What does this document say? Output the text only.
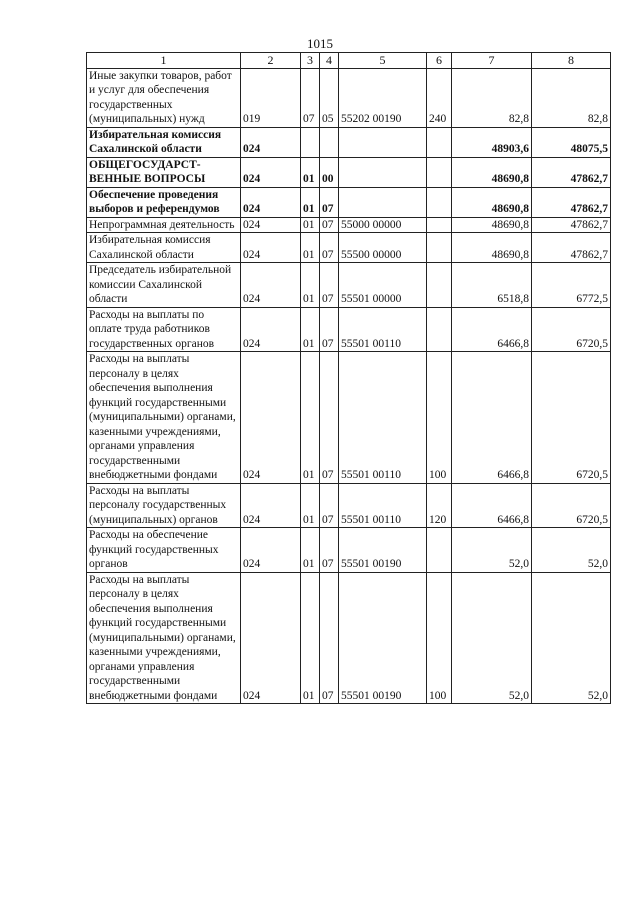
1015
1	2	3	4	5	6	7	8
Иные закупки товаров, работ и услуг для обеспечения государственных (муниципальных) нужд	019	07	05	55202 00190	240	82,8	82,8
Избирательная комиссия Сахалинской области	024					48903,6	48075,5
ОБЩЕГОСУДАРСТ-ВЕННЫЕ ВОПРОСЫ	024	01	00			48690,8	47862,7
Обеспечение проведения выборов и референдумов	024	01	07			48690,8	47862,7
Непрограммная деятельность	024	01	07	55000 00000		48690,8	47862,7
Избирательная комиссия Сахалинской области	024	01	07	55500 00000		48690,8	47862,7
Председатель избирательной комиссии Сахалинской области	024	01	07	55501 00000		6518,8	6772,5
Расходы на выплаты по оплате труда работников государственных органов	024	01	07	55501 00110		6466,8	6720,5
Расходы на выплаты персоналу в целях обеспечения выполнения функций государственными (муниципальными) органами, казенными учреждениями, органами управления государственными внебюджетными фондами	024	01	07	55501 00110	100	6466,8	6720,5
Расходы на выплаты персоналу государственных (муниципальных) органов	024	01	07	55501 00110	120	6466,8	6720,5
Расходы на обеспечение функций государственных органов	024	01	07	55501 00190		52,0	52,0
Расходы на выплаты персоналу в целях обеспечения выполнения функций государственными (муниципальными) органами, казенными учреждениями, органами управления государственными внебюджетными фондами	024	01	07	55501 00190	100	52,0	52,0
